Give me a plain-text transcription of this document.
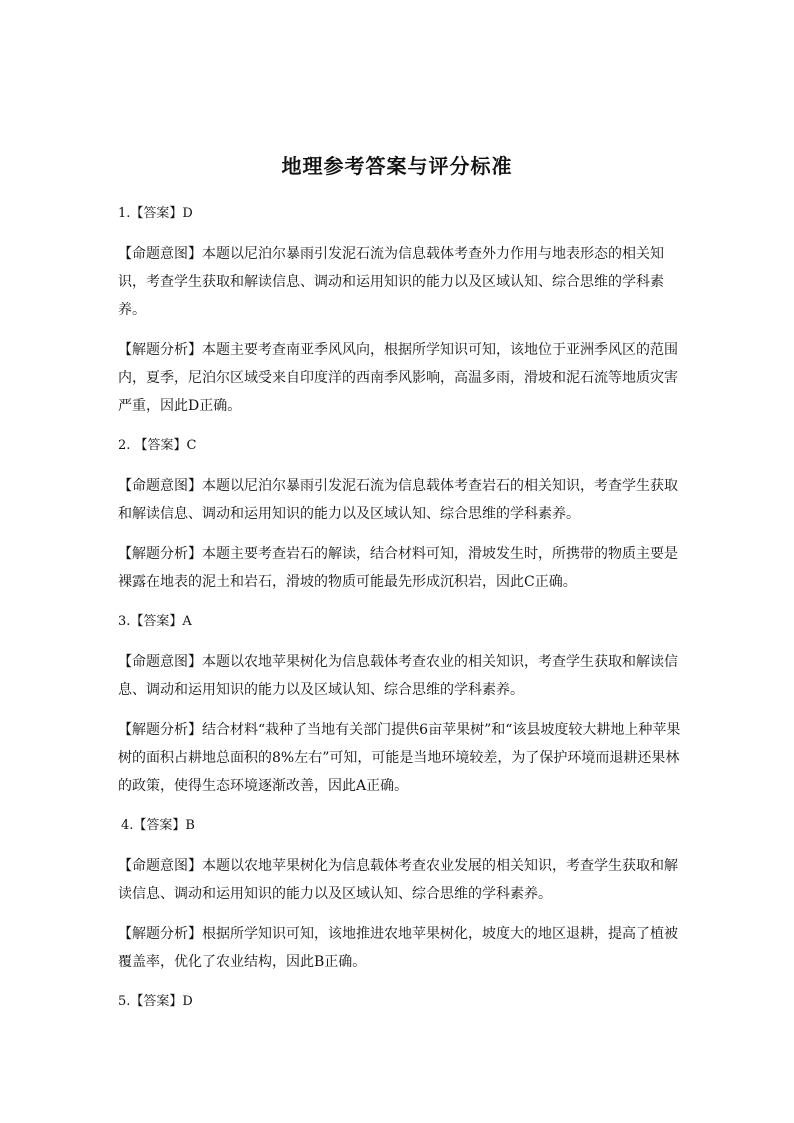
地理参考答案与评分标准

1.【答案】D

【命题意图】本题以尼泊尔暴雨引发泥石流为信息载体考查外力作用与地表形态的相关知识，考查学生获取和解读信息、调动和运用知识的能力以及区域认知、综合思维的学科素养。

【解题分析】本题主要考查南亚季风风向，根据所学知识可知，该地位于亚洲季风区的范围内，夏季，尼泊尔区域受来自印度洋的西南季风影响，高温多雨，滑坡和泥石流等地质灾害严重，因此D正确。

2. 【答案】C

【命题意图】本题以尼泊尔暴雨引发泥石流为信息载体考查岩石的相关知识，考查学生获取和解读信息、调动和运用知识的能力以及区域认知、综合思维的学科素养。

【解题分析】本题主要考查岩石的解读，结合材料可知，滑坡发生时，所携带的物质主要是裸露在地表的泥土和岩石，滑坡的物质可能最先形成沉积岩，因此C正确。

3.【答案】A

【命题意图】本题以农地苹果树化为信息载体考查农业的相关知识，考查学生获取和解读信息、调动和运用知识的能力以及区域认知、综合思维的学科素养。

【解题分析】结合材料“栽种了当地有关部门提供6亩苹果树”和“该县坡度较大耕地上种苹果树的面积占耕地总面积的8%左右”可知，可能是当地环境较差，为了保护环境而退耕还果林的政策，使得生态环境逐渐改善，因此A正确。

4.【答案】B

【命题意图】本题以农地苹果树化为信息载体考查农业发展的相关知识，考查学生获取和解读信息、调动和运用知识的能力以及区域认知、综合思维的学科素养。

【解题分析】根据所学知识可知，该地推进农地苹果树化，坡度大的地区退耕，提高了植被覆盖率，优化了农业结构，因此B正确。

5.【答案】D
